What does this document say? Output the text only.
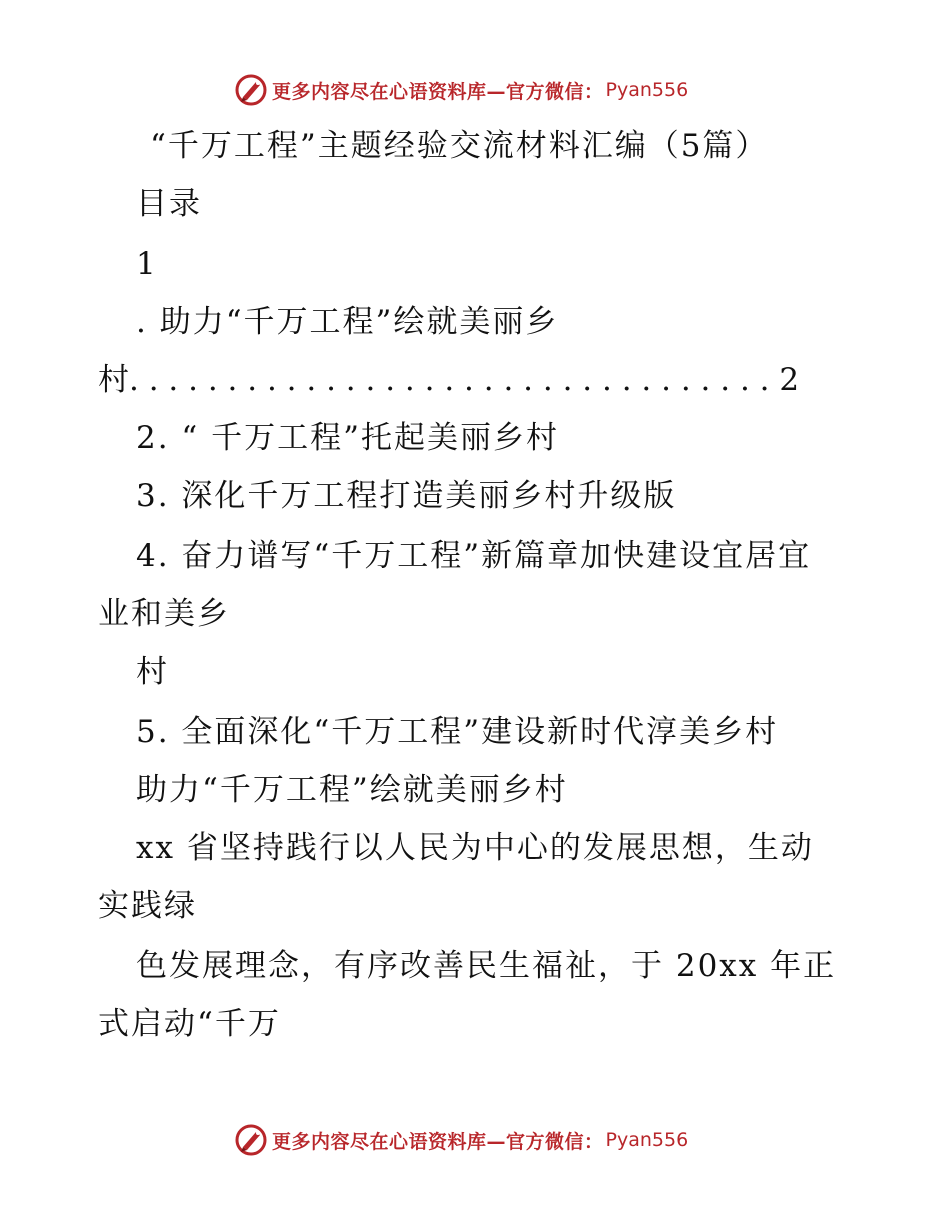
更多内容尽在心语资料库—官方微信： Pyan556
“千万工程”主题经验交流材料汇编（5篇）
目录
1
. 助力“千万工程”绘就美丽乡
村. . . . . . . . . . . . . . . . . . . . . . . . . . . . . . . . . 2
2. “ 千万工程”托起美丽乡村
3. 深化千万工程打造美丽乡村升级版
4. 奋力谱写“千万工程”新篇章加快建设宜居宜
业和美乡
村
5. 全面深化“千万工程”建设新时代淳美乡村
助力“千万工程”绘就美丽乡村
xx 省坚持践行以人民为中心的发展思想，生动
实践绿
色发展理念，有序改善民生福祉，于 20xx 年正
式启动“千万
更多内容尽在心语资料库—官方微信： Pyan556
